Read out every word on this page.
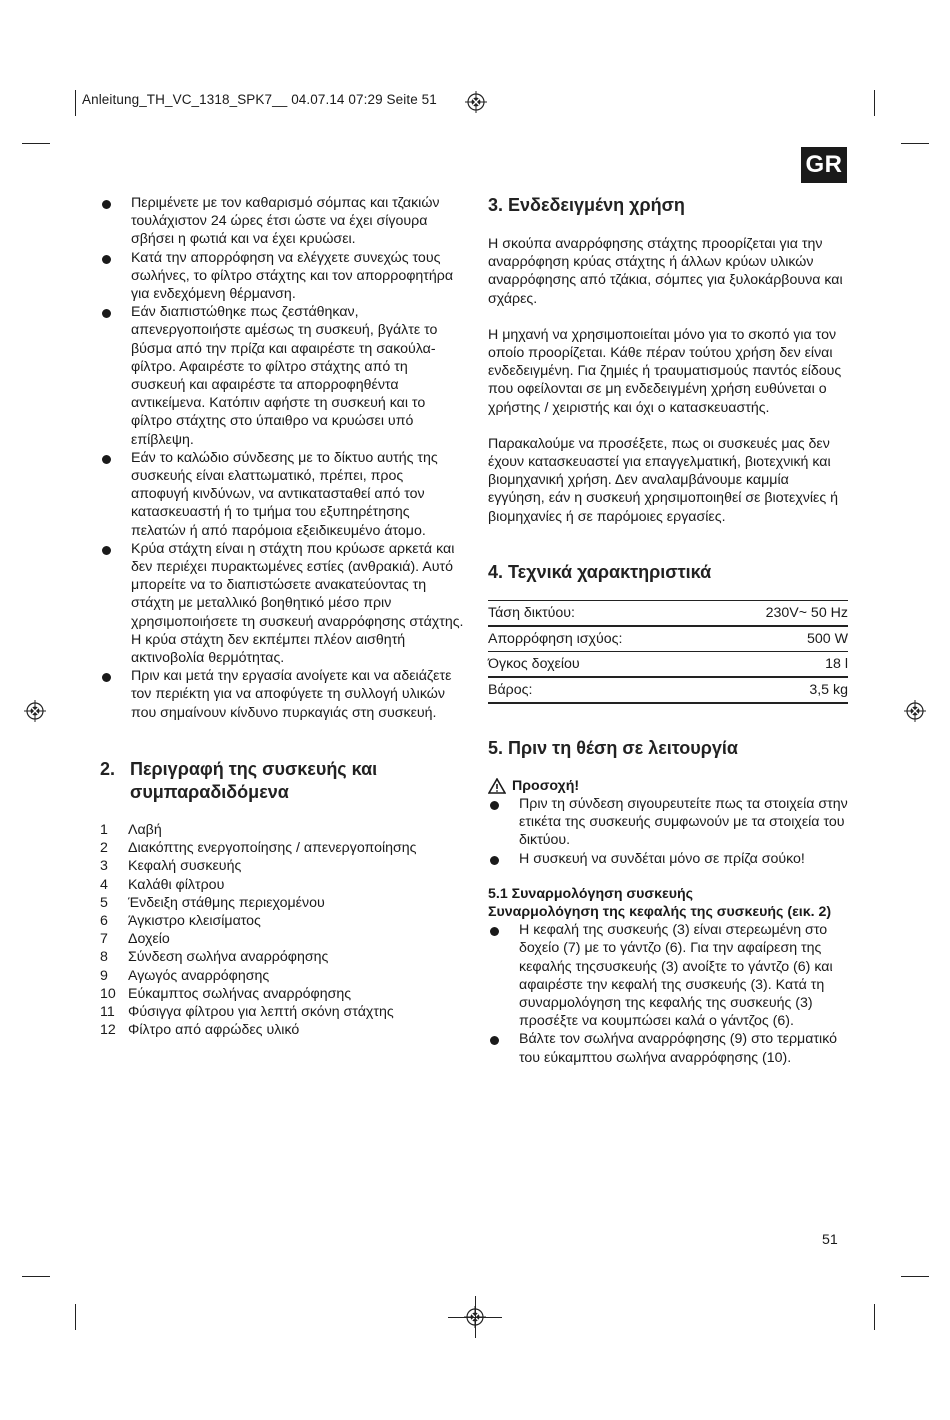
Anleitung_TH_VC_1318_SPK7__ 04.07.14 07:29 Seite 51
GR
Περιμένετε με τον καθαρισμό σόμπας και τζακιών τουλάχιστον 24 ώρες έτσι ώστε να έχει σίγουρα σβήσει η φωτιά και να έχει κρυώσει.
Κατά την απορρόφηση να ελέγχετε συνεχώς τους σωλήνες, το φίλτρο στάχτης και τον απορροφητήρα για ενδεχόμενη θέρμανση.
Εάν διαπιστώθηκε πως ζεστάθηκαν, απενεργοποιήστε αμέσως τη συσκευή, βγάλτε το βύσμα από την πρίζα και αφαιρέστε τη σακούλα-φίλτρο. Αφαιρέστε το φίλτρο στάχτης από τη συσκευή και αφαιρέστε τα απορροφηθέντα αντικείμενα. Κατόπιν αφήστε τη συσκευή και το φίλτρο στάχτης στο ύπαιθρο να κρυώσει υπό επίβλεψη.
Εάν το καλώδιο σύνδεσης με το δίκτυο αυτής της συσκευής είναι ελαττωματικό, πρέπει, προς αποφυγή κινδύνων, να αντικατασταθεί από τον κατασκευαστή ή το τμήμα του εξυπηρέτησης πελατών ή από παρόμοια εξειδικευμένο άτομο.
Κρύα στάχτη είναι η στάχτη που κρύωσε αρκετά και δεν περιέχει πυρακτωμένες εστίες (ανθρακιά). Αυτό μπορείτε να το διαπιστώσετε ανακατεύοντας τη στάχτη με μεταλλικό βοηθητικό μέσο πριν χρησιμοποιήσετε τη συσκευή αναρρόφησης στάχτης. Η κρύα στάχτη δεν εκπέμπει πλέον αισθητή ακτινοβολία θερμότητας.
Πριν και μετά την εργασία ανοίγετε και να αδειάζετε τον περιέκτη για να αποφύγετε τη συλλογή υλικών που σημαίνουν κίνδυνο πυρκαγιάς στη συσκευή.
2. Περιγραφή της συσκευής και συμπαραδιδόμενα
1	Λαβή
2	Διακόπτης ενεργοποίησης / απενεργοποίησης
3	Κεφαλή συσκευής
4	Καλάθι φίλτρου
5	Ένδειξη στάθμης περιεχομένου
6	Άγκιστρο κλεισίματος
7	Δοχείο
8	Σύνδεση σωλήνα αναρρόφησης
9	Αγωγός αναρρόφησης
10 Εύκαμπτος σωλήνας αναρρόφησης
11 Φύσιγγα φίλτρου για λεπτή σκόνη στάχτης
12 Φίλτρο από αφρώδες υλικό
3. Ενδεδειγμένη χρήση

Η σκούπα αναρρόφησης στάχτης προορίζεται για την αναρρόφηση κρύας στάχτης ή άλλων κρύων υλικών αναρρόφησης από τζάκια, σόμπες για ξυλοκάρβουνα και σχάρες.

Η μηχανή να χρησιμοποιείται μόνο για το σκοπό για τον οποίο προορίζεται. Κάθε πέραν τούτου χρήση δεν είναι ενδεδειγμένη. Για ζημιές ή τραυματισμούς παντός είδους που οφείλονται σε μη ενδεδειγμένη χρήση ευθύνεται ο χρήστης / χειριστής και όχι ο κατασκευαστής.

Παρακαλούμε να προσέξετε, πως οι συσκευές μας δεν έχουν κατασκευαστεί για επαγγελματική, βιοτεχνική και βιομηχανική χρήση. Δεν αναλαμβάνουμε καμμία εγγύηση, εάν η συσκευή χρησιμοποιηθεί σε βιοτεχνίες ή βιομηχανίες ή σε παρόμοιες εργασίες.

4. Τεχνικά χαρακτηριστικά
Τάση δικτύου:	230V~ 50 Hz
Απορρόφηση ισχύος:	500 W
Όγκος δοχείου	18 l
Βάρος:	3,5 kg
5. Πριν τη θέση σε λειτουργία
Προσοχή!
Πριν τη σύνδεση σιγουρευτείτε πως τα στοιχεία στην ετικέτα της συσκευής συμφωνούν με τα στοιχεία του δικτύου.
Η συσκευή να συνδέται μόνο σε πρίζα σούκο!
5.1 Συναρμολόγηση συσκευής
Συναρμολόγηση της κεφαλής της συσκευής (εικ. 2)
Η κεφαλή της συσκευής (3) είναι στερεωμένη στο δοχείο (7) με το γάντζο (6). Για την αφαίρεση της κεφαλής τηςσυσκευής (3) ανοίξτε το γάντζο (6) και αφαιρέστε την κεφαλή της συσκευής (3). Κατά τη συναρμολόγηση της κεφαλής της συσκευής (3) προσέξτε να κουμπώσει καλά ο γάντζος (6).
Βάλτε τον σωλήνα αναρρόφησης (9) στο τερματικό του εύκαμπτου σωλήνα αναρρόφησης (10).
51
